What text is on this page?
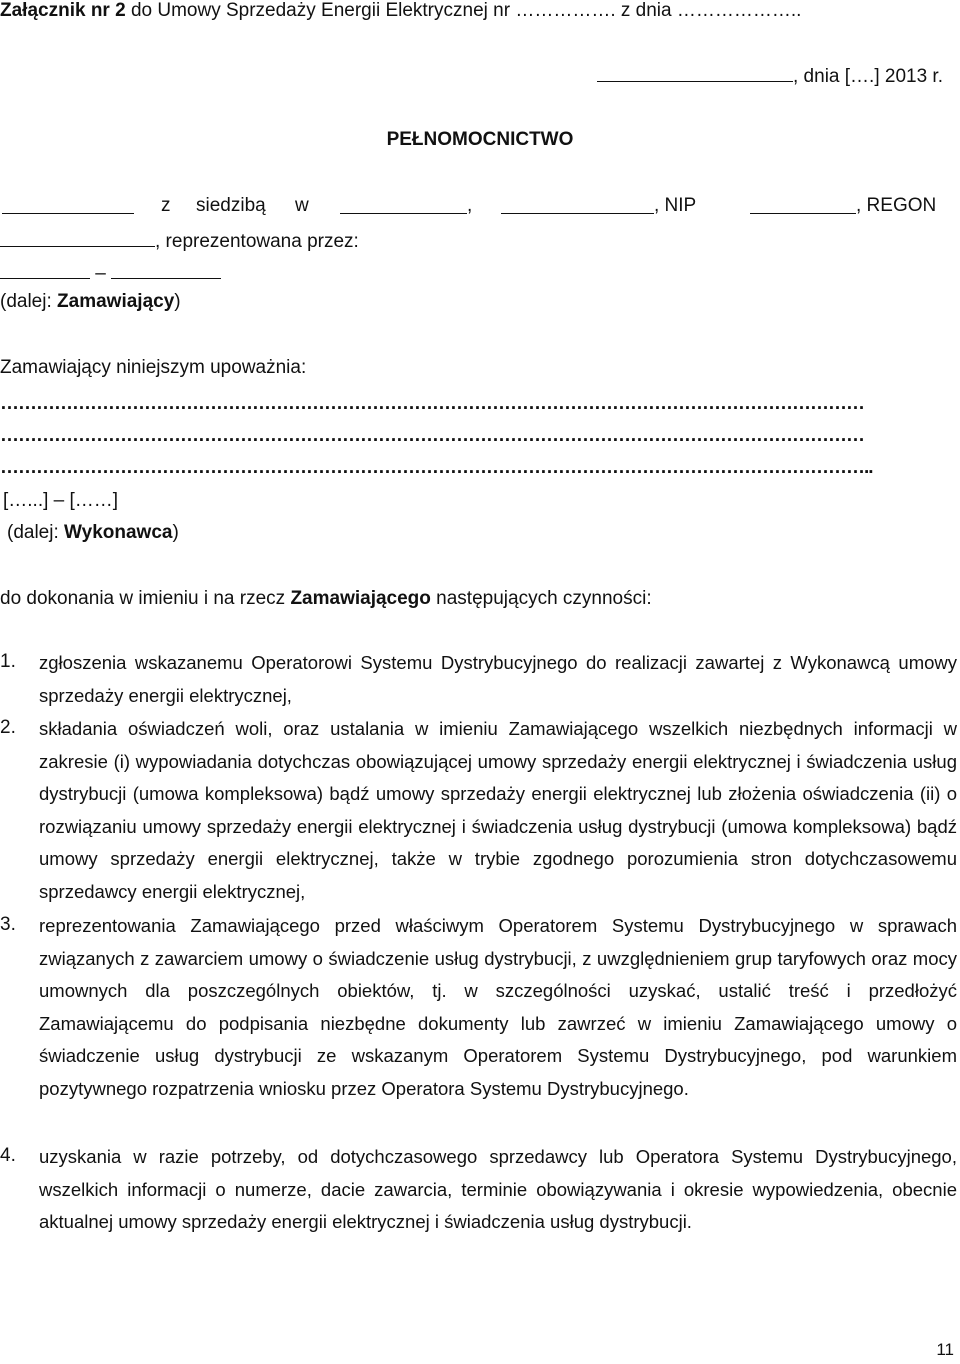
Załącznik nr 2 do Umowy Sprzedaży Energii Elektrycznej nr ……………. z dnia ………………..
, dnia [….] 2013 r.
PEŁNOMOCNICTWO
z siedzibą w	,	, NIP	, REGON
, reprezentowana przez:
–
(dalej: Zamawiający)
Zamawiający niniejszym upoważnia:
………………………………………………………………………………………………………………………………
………………………………………………………………………………………………………………………………
………………………………………………………………………………………………………………………………..
[…...] – [……]
(dalej: Wykonawca)
do dokonania w imieniu i na rzecz Zamawiającego następujących czynności:
1.	zgłoszenia wskazanemu Operatorowi Systemu Dystrybucyjnego do realizacji zawartej z Wykonawcą umowy sprzedaży energii elektrycznej,
2.	składania oświadczeń woli, oraz ustalania w imieniu Zamawiającego wszelkich niezbędnych informacji w zakresie (i) wypowiadania dotychczas obowiązującej umowy sprzedaży energii elektrycznej i świadczenia usług dystrybucji (umowa kompleksowa) bądź umowy sprzedaży energii elektrycznej lub złożenia oświadczenia (ii) o rozwiązaniu umowy sprzedaży energii elektrycznej i świadczenia usług dystrybucji (umowa kompleksowa) bądź umowy sprzedaży energii elektrycznej, także w trybie zgodnego porozumienia stron dotychczasowemu sprzedawcy energii elektrycznej,
3.	reprezentowania Zamawiającego przed właściwym Operatorem Systemu Dystrybucyjnego w sprawach związanych z zawarciem umowy o świadczenie usług dystrybucji, z uwzględnieniem grup taryfowych oraz mocy umownych dla poszczególnych obiektów, tj. w szczególności uzyskać, ustalić treść i przedłożyć Zamawiającemu do podpisania niezbędne dokumenty lub zawrzeć w imieniu Zamawiającego umowy o świadczenie usług dystrybucji ze wskazanym Operatorem Systemu Dystrybucyjnego, pod warunkiem pozytywnego rozpatrzenia wniosku przez Operatora Systemu Dystrybucyjnego.
4.	uzyskania w razie potrzeby, od dotychczasowego sprzedawcy lub Operatora Systemu Dystrybucyjnego, wszelkich informacji o numerze, dacie zawarcia, terminie obowiązywania i okresie wypowiedzenia, obecnie aktualnej umowy sprzedaży energii elektrycznej i świadczenia usług dystrybucji.
11
